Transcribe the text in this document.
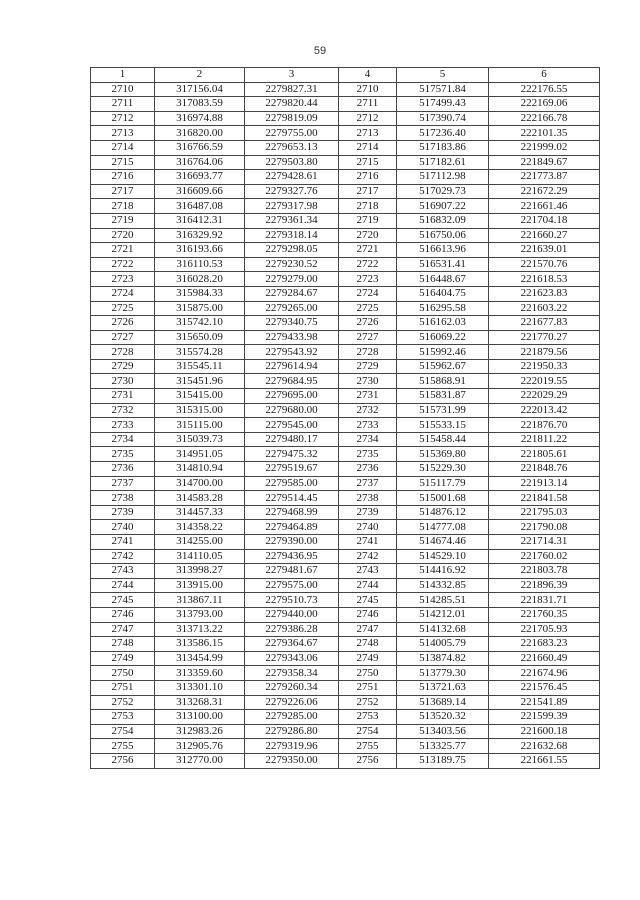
59
1	2	3	4	5	6
2710	317156.04	2279827.31	2710	517571.84	222176.55
2711	317083.59	2279820.44	2711	517499.43	222169.06
2712	316974.88	2279819.09	2712	517390.74	222166.78
2713	316820.00	2279755.00	2713	517236.40	222101.35
2714	316766.59	2279653.13	2714	517183.86	221999.02
2715	316764.06	2279503.80	2715	517182.61	221849.67
2716	316693.77	2279428.61	2716	517112.98	221773.87
2717	316609.66	2279327.76	2717	517029.73	221672.29
2718	316487.08	2279317.98	2718	516907.22	221661.46
2719	316412.31	2279361.34	2719	516832.09	221704.18
2720	316329.92	2279318.14	2720	516750.06	221660.27
2721	316193.66	2279298.05	2721	516613.96	221639.01
2722	316110.53	2279230.52	2722	516531.41	221570.76
2723	316028.20	2279279.00	2723	516448.67	221618.53
2724	315984.33	2279284.67	2724	516404.75	221623.83
2725	315875.00	2279265.00	2725	516295.58	221603.22
2726	315742.10	2279340.75	2726	516162.03	221677.83
2727	315650.09	2279433.98	2727	516069.22	221770.27
2728	315574.28	2279543.92	2728	515992.46	221879.56
2729	315545.11	2279614.94	2729	515962.67	221950.33
2730	315451.96	2279684.95	2730	515868.91	222019.55
2731	315415.00	2279695.00	2731	515831.87	222029.29
2732	315315.00	2279680.00	2732	515731.99	222013.42
2733	315115.00	2279545.00	2733	515533.15	221876.70
2734	315039.73	2279480.17	2734	515458.44	221811.22
2735	314951.05	2279475.32	2735	515369.80	221805.61
2736	314810.94	2279519.67	2736	515229.30	221848.76
2737	314700.00	2279585.00	2737	515117.79	221913.14
2738	314583.28	2279514.45	2738	515001.68	221841.58
2739	314457.33	2279468.99	2739	514876.12	221795.03
2740	314358.22	2279464.89	2740	514777.08	221790.08
2741	314255.00	2279390.00	2741	514674.46	221714.31
2742	314110.05	2279436.95	2742	514529.10	221760.02
2743	313998.27	2279481.67	2743	514416.92	221803.78
2744	313915.00	2279575.00	2744	514332.85	221896.39
2745	313867.11	2279510.73	2745	514285.51	221831.71
2746	313793.00	2279440.00	2746	514212.01	221760.35
2747	313713.22	2279386.28	2747	514132.68	221705.93
2748	313586.15	2279364.67	2748	514005.79	221683.23
2749	313454.99	2279343.06	2749	513874.82	221660.49
2750	313359.60	2279358.34	2750	513779.30	221674.96
2751	313301.10	2279260.34	2751	513721.63	221576.45
2752	313268.31	2279226.06	2752	513689.14	221541.89
2753	313100.00	2279285.00	2753	513520.32	221599.39
2754	312983.26	2279286.80	2754	513403.56	221600.18
2755	312905.76	2279319.96	2755	513325.77	221632.68
2756	312770.00	2279350.00	2756	513189.75	221661.55
